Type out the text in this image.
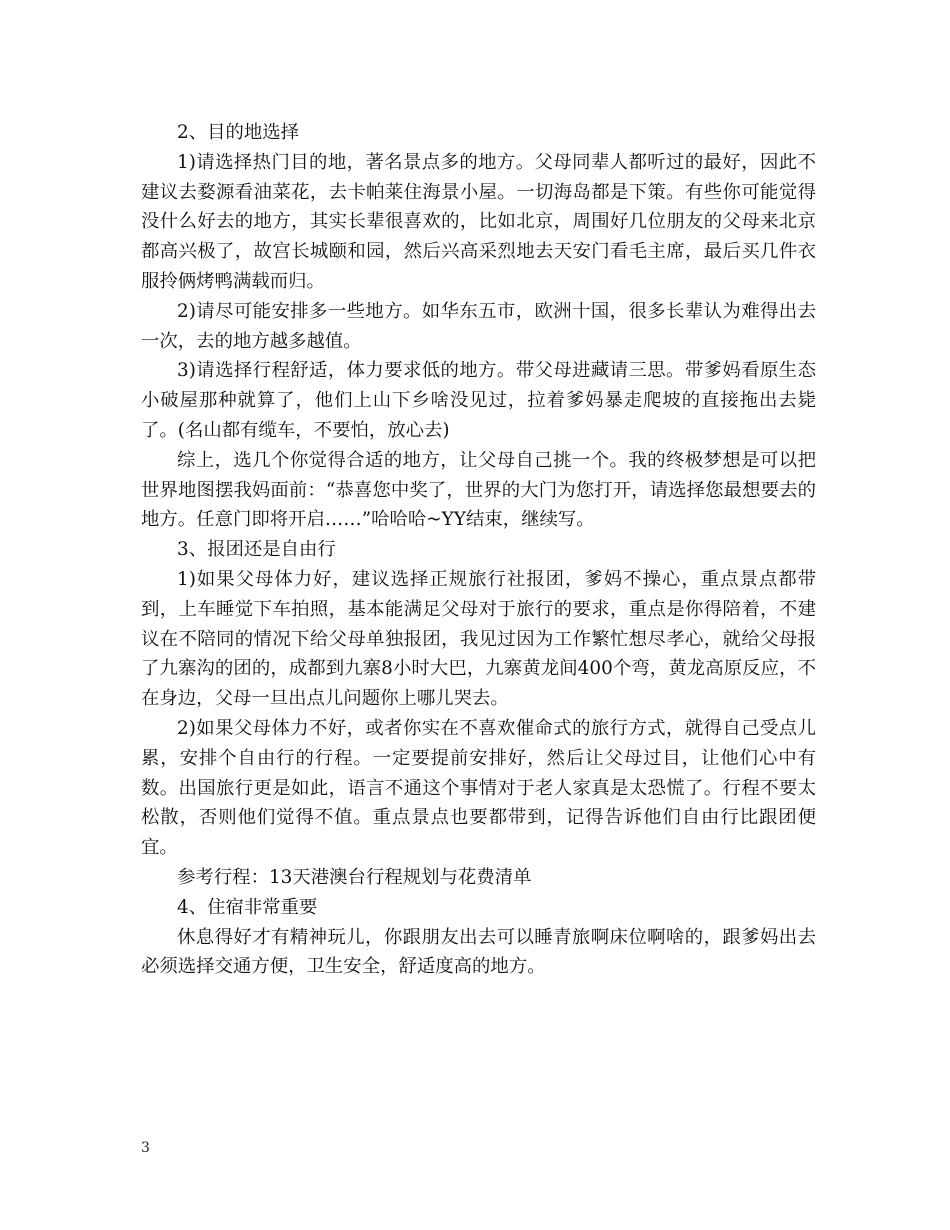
2、目的地选择

1)请选择热门目的地，著名景点多的地方。父母同辈人都听过的最好，因此不建议去婺源看油菜花，去卡帕莱住海景小屋。一切海岛都是下策。有些你可能觉得没什么好去的地方，其实长辈很喜欢的，比如北京，周围好几位朋友的父母来北京都高兴极了，故宫长城颐和园，然后兴高采烈地去天安门看毛主席，最后买几件衣服拎俩烤鸭满载而归。

2)请尽可能安排多一些地方。如华东五市，欧洲十国，很多长辈认为难得出去一次，去的地方越多越值。

3)请选择行程舒适，体力要求低的地方。带父母进藏请三思。带爹妈看原生态小破屋那种就算了，他们上山下乡啥没见过，拉着爹妈暴走爬坡的直接拖出去毙了。(名山都有缆车，不要怕，放心去)

综上，选几个你觉得合适的地方，让父母自己挑一个。我的终极梦想是可以把世界地图摆我妈面前：“恭喜您中奖了，世界的大门为您打开，请选择您最想要去的地方。任意门即将开启……”哈哈哈~YY结束，继续写。

3、报团还是自由行

1)如果父母体力好，建议选择正规旅行社报团，爹妈不操心，重点景点都带到，上车睡觉下车拍照，基本能满足父母对于旅行的要求，重点是你得陪着，不建议在不陪同的情况下给父母单独报团，我见过因为工作繁忙想尽孝心，就给父母报了九寨沟的团的，成都到九寨8小时大巴，九寨黄龙间400个弯，黄龙高原反应，不在身边，父母一旦出点儿问题你上哪儿哭去。

2)如果父母体力不好，或者你实在不喜欢催命式的旅行方式，就得自己受点儿累，安排个自由行的行程。一定要提前安排好，然后让父母过目，让他们心中有数。出国旅行更是如此，语言不通这个事情对于老人家真是太恐慌了。行程不要太松散，否则他们觉得不值。重点景点也要都带到，记得告诉他们自由行比跟团便宜。

参考行程：13天港澳台行程规划与花费清单

4、住宿非常重要

休息得好才有精神玩儿，你跟朋友出去可以睡青旅啊床位啊啥的，跟爹妈出去必须选择交通方便，卫生安全，舒适度高的地方。

3
